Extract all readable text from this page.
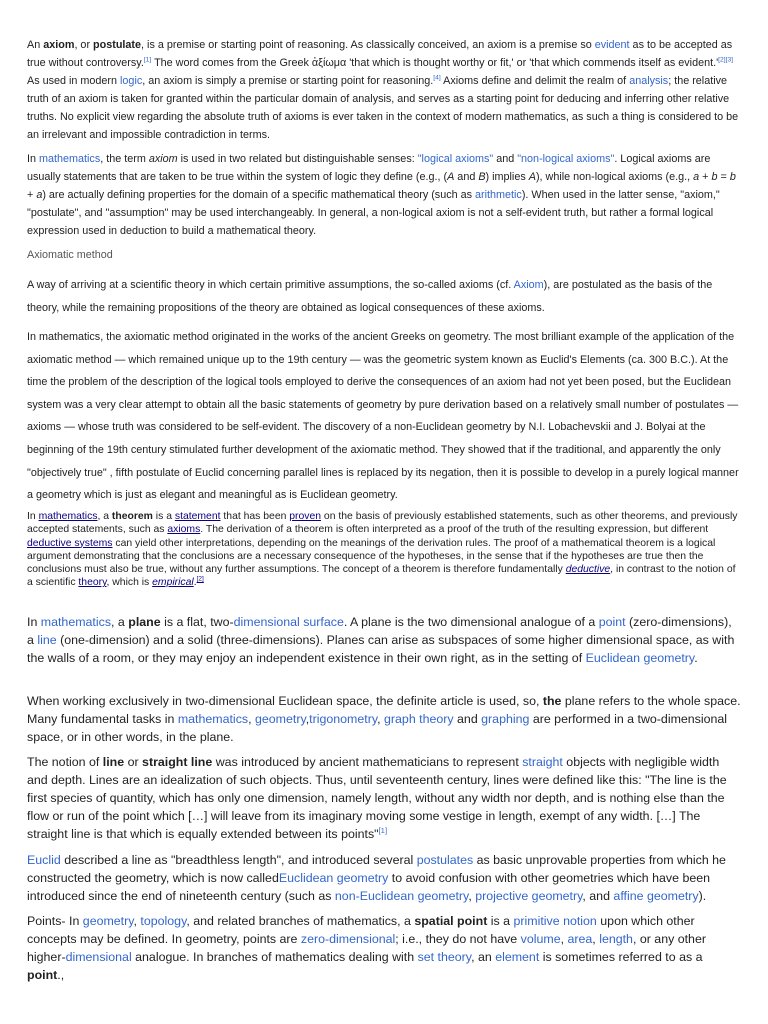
An axiom, or postulate, is a premise or starting point of reasoning. As classically conceived, an axiom is a premise so evident as to be accepted as true without controversy.[1] The word comes from the Greek ἀξίωμα 'that which is thought worthy or fit,' or 'that which commends itself as evident.'[2][3] As used in modern logic, an axiom is simply a premise or starting point for reasoning.[4] Axioms define and delimit the realm of analysis; the relative truth of an axiom is taken for granted within the particular domain of analysis, and serves as a starting point for deducing and inferring other relative truths. No explicit view regarding the absolute truth of axioms is ever taken in the context of modern mathematics, as such a thing is considered to be an irrelevant and impossible contradiction in terms.

In mathematics, the term axiom is used in two related but distinguishable senses: "logical axioms" and "non-logical axioms". Logical axioms are usually statements that are taken to be true within the system of logic they define (e.g., (A and B) implies A), while non-logical axioms (e.g., a + b = b + a) are actually defining properties for the domain of a specific mathematical theory (such as arithmetic). When used in the latter sense, "axiom," "postulate", and "assumption" may be used interchangeably. In general, a non-logical axiom is not a self-evident truth, but rather a formal logical expression used in deduction to build a mathematical theory.

Axiomatic method

A way of arriving at a scientific theory in which certain primitive assumptions, the so-called axioms (cf. Axiom), are postulated as the basis of the theory, while the remaining propositions of the theory are obtained as logical consequences of these axioms.

In mathematics, the axiomatic method originated in the works of the ancient Greeks on geometry. The most brilliant example of the application of the axiomatic method — which remained unique up to the 19th century — was the geometric system known as Euclid's Elements (ca. 300 B.C.). At the time the problem of the description of the logical tools employed to derive the consequences of an axiom had not yet been posed, but the Euclidean system was a very clear attempt to obtain all the basic statements of geometry by pure derivation based on a relatively small number of postulates — axioms — whose truth was considered to be self-evident. The discovery of a non-Euclidean geometry by N.I. Lobachevskii and J. Bolyai at the beginning of the 19th century stimulated further development of the axiomatic method. They showed that if the traditional, and apparently the only "objectively true" , fifth postulate of Euclid concerning parallel lines is replaced by its negation, then it is possible to develop in a purely logical manner a geometry which is just as elegant and meaningful as is Euclidean geometry.

In mathematics, a theorem is a statement that has been proven on the basis of previously established statements, such as other theorems, and previously accepted statements, such as axioms. The derivation of a theorem is often interpreted as a proof of the truth of the resulting expression, but different deductive systems can yield other interpretations, depending on the meanings of the derivation rules. The proof of a mathematical theorem is a logical argument demonstrating that the conclusions are a necessary consequence of the hypotheses, in the sense that if the hypotheses are true then the conclusions must also be true, without any further assumptions. The concept of a theorem is therefore fundamentally deductive, in contrast to the notion of a scientific theory, which is empirical.[2]

In mathematics, a plane is a flat, two-dimensional surface. A plane is the two dimensional analogue of a point (zero-dimensions), a line (one-dimension) and a solid (three-dimensions). Planes can arise as subspaces of some higher dimensional space, as with the walls of a room, or they may enjoy an independent existence in their own right, as in the setting of Euclidean geometry.

When working exclusively in two-dimensional Euclidean space, the definite article is used, so, the plane refers to the whole space. Many fundamental tasks in mathematics, geometry,trigonometry, graph theory and graphing are performed in a two-dimensional space, or in other words, in the plane.

The notion of line or straight line was introduced by ancient mathematicians to represent straight objects with negligible width and depth. Lines are an idealization of such objects. Thus, until seventeenth century, lines were defined like this: "The line is the first species of quantity, which has only one dimension, namely length, without any width nor depth, and is nothing else than the flow or run of the point which […] will leave from its imaginary moving some vestige in length, exempt of any width. […] The straight line is that which is equally extended between its points"[1]

Euclid described a line as "breadthless length", and introduced several postulates as basic unprovable properties from which he constructed the geometry, which is now calledEuclidean geometry to avoid confusion with other geometries which have been introduced since the end of nineteenth century (such as non-Euclidean geometry, projective geometry, and affine geometry).

Points- In geometry, topology, and related branches of mathematics, a spatial point is a primitive notion upon which other concepts may be defined. In geometry, points are zero-dimensional; i.e., they do not have volume, area, length, or any other higher-dimensional analogue. In branches of mathematics dealing with set theory, an element is sometimes referred to as a point.,
